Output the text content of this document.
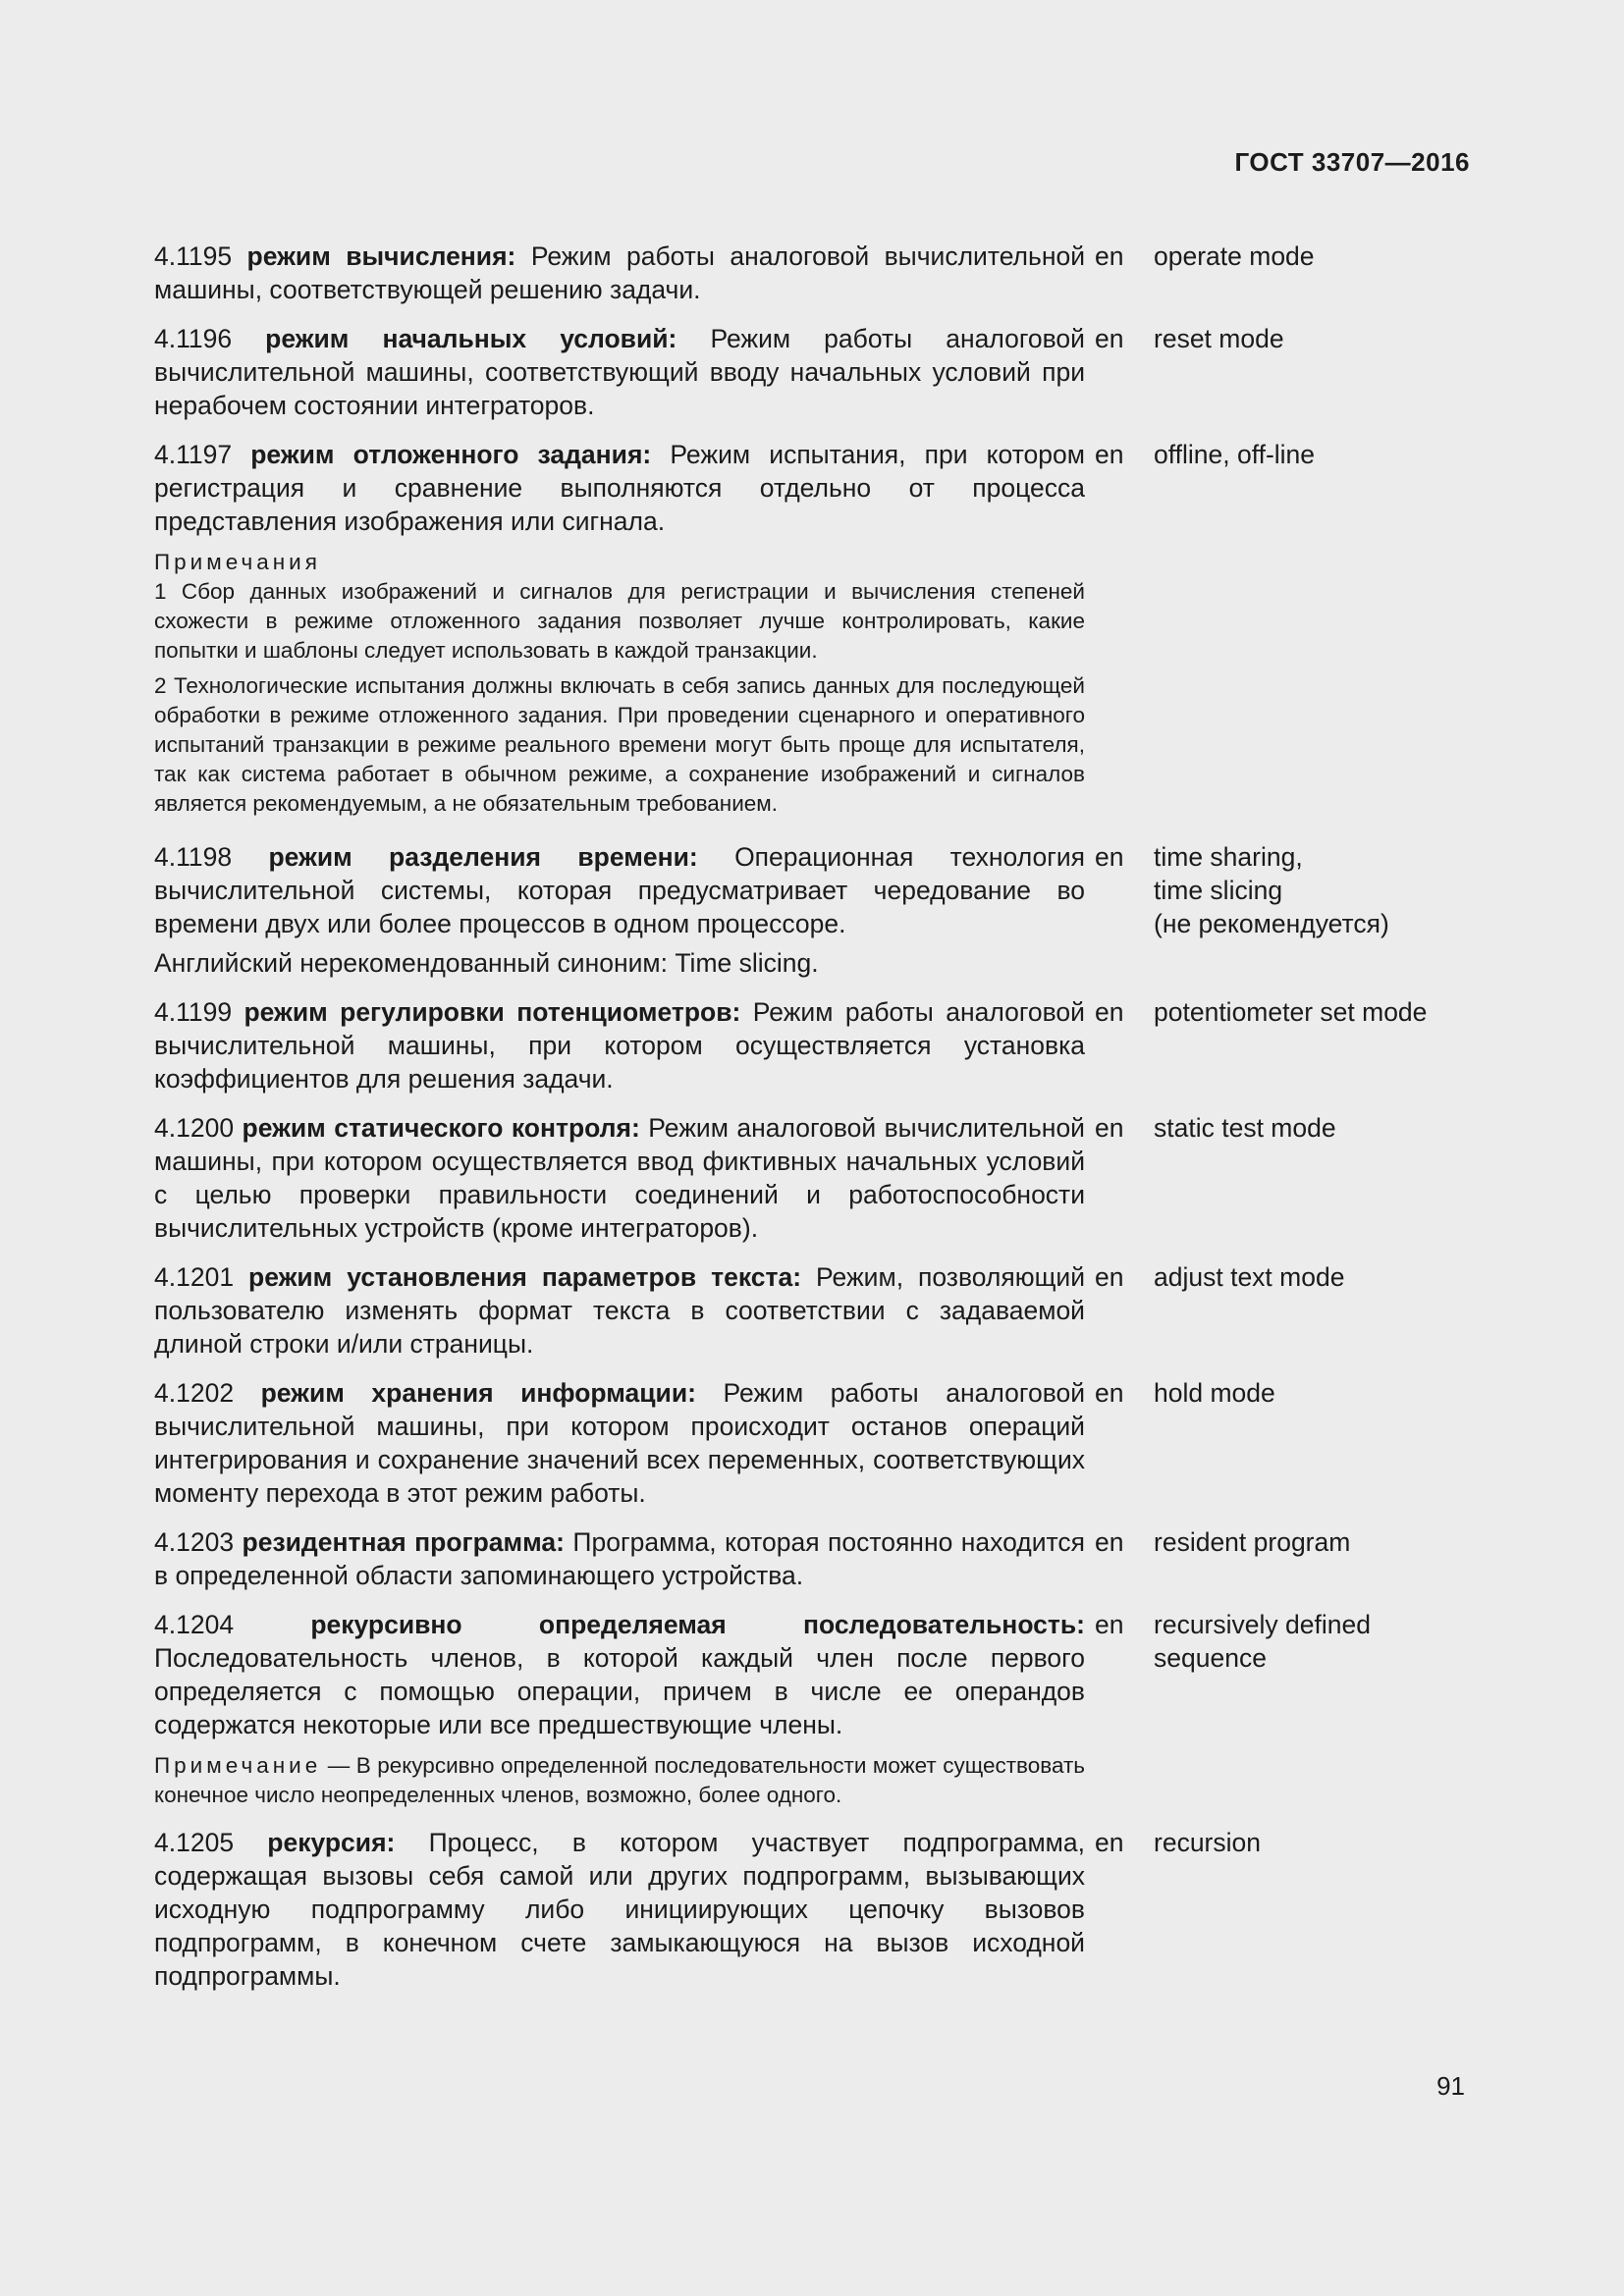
ГОСТ 33707—2016
4.1195 режим вычисления: Режим работы аналоговой вычислительной машины, соответствующей решению задачи.
en	operate mode
4.1196 режим начальных условий: Режим работы аналоговой вычислительной машины, соответствующий вводу начальных условий при нерабочем состоянии интеграторов.
en	reset mode
4.1197 режим отложенного задания: Режим испытания, при котором регистрация и сравнение выполняются отдельно от процесса представления изображения или сигнала.
en	offline, off-line
Примечания
1 Сбор данных изображений и сигналов для регистрации и вычисления степеней схожести в режиме отложенного задания позволяет лучше контролировать, какие попытки и шаблоны следует использовать в каждой транзакции.
2 Технологические испытания должны включать в себя запись данных для последующей обработки в режиме отложенного задания. При проведении сценарного и оперативного испытаний транзакции в режиме реального времени могут быть проще для испытателя, так как система работает в обычном режиме, а сохранение изображений и сигналов является рекомендуемым, а не обязательным требованием.
4.1198 режим разделения времени: Операционная технология вычислительной системы, которая предусматривает чередование во времени двух или более процессов в одном процессоре.
en	time sharing,
time slicing
(не рекомендуется)
Английский нерекомендованный синоним: Time slicing.
4.1199 режим регулировки потенциометров: Режим работы аналоговой вычислительной машины, при котором осуществляется установка коэффициентов для решения задачи.
en	potentiometer set mode
4.1200 режим статического контроля: Режим аналоговой вычислительной машины, при котором осуществляется ввод фиктивных начальных условий с целью проверки правильности соединений и работоспособности вычислительных устройств (кроме интеграторов).
en	static test mode
4.1201 режим установления параметров текста: Режим, позволяющий пользователю изменять формат текста в соответствии с задаваемой длиной строки и/или страницы.
en	adjust text mode
4.1202 режим хранения информации: Режим работы аналоговой вычислительной машины, при котором происходит останов операций интегрирования и сохранение значений всех переменных, соответствующих моменту перехода в этот режим работы.
en	hold mode
4.1203 резидентная программа: Программа, которая постоянно находится в определенной области запоминающего устройства.
en	resident program
4.1204	рекурсивно определяемая последовательность: Последовательность членов, в которой каждый член после первого определяется с помощью операции, причем в числе ее операндов содержатся некоторые или все предшествующие члены.
en	recursively defined
sequence
Примечание — В рекурсивно определенной последовательности может существовать конечное число неопределенных членов, возможно, более одного.
4.1205 рекурсия: Процесс, в котором участвует подпрограмма, содержащая вызовы себя самой или других подпрограмм, вызывающих исходную подпрограмму либо инициирующих цепочку вызовов подпрограмм, в конечном счете замыкающуюся на вызов исходной подпрограммы.
en	recursion
91
